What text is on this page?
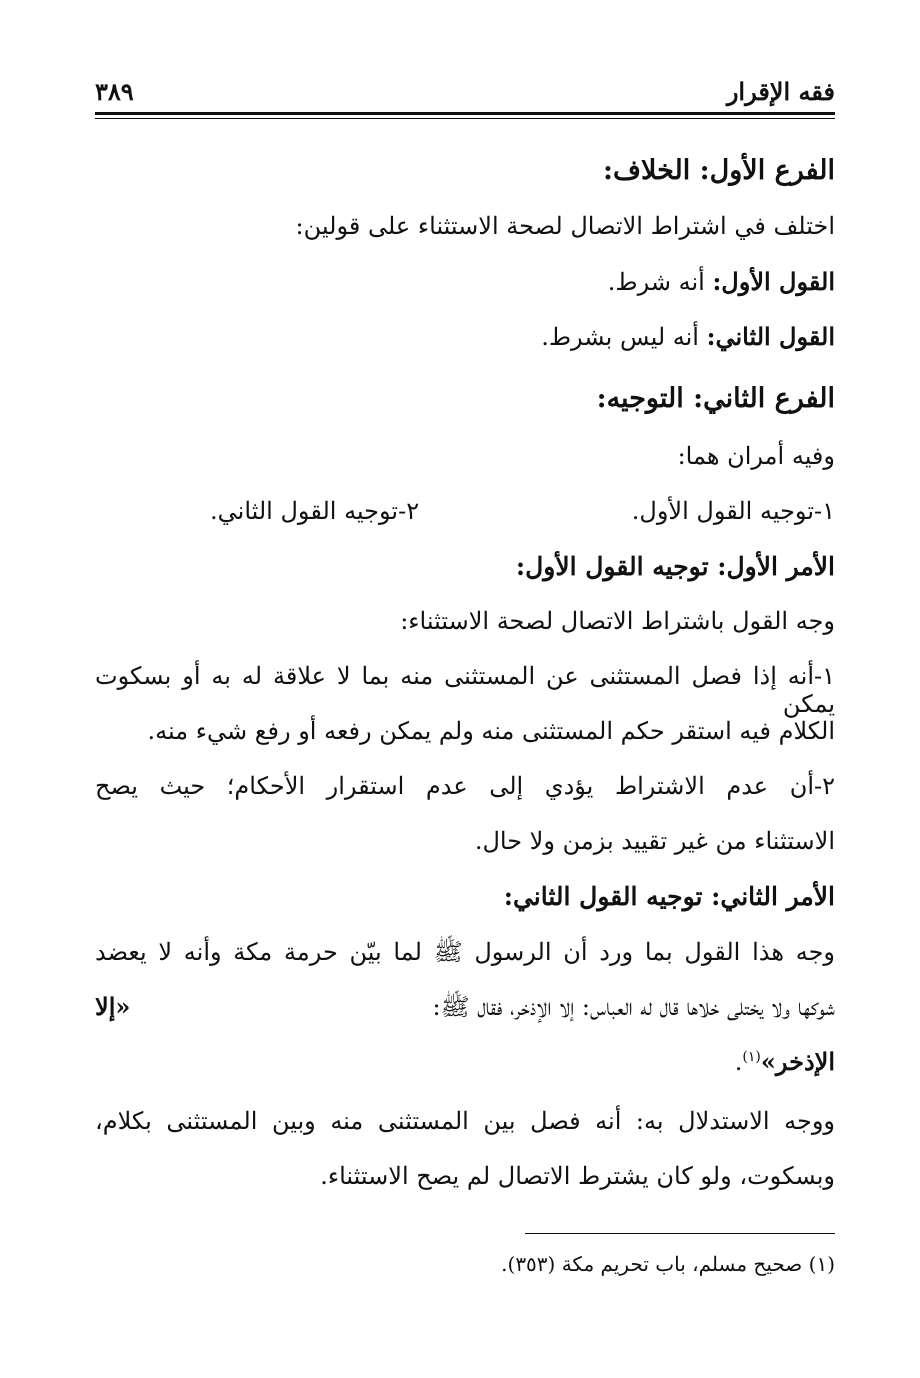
فقه الإقرار
٣٨٩
الفرع الأول: الخلاف:
اختلف في اشتراط الاتصال لصحة الاستثناء على قولين:
القول الأول: أنه شرط.
القول الثاني: أنه ليس بشرط.
الفرع الثاني: التوجيه:
وفيه أمران هما:
١-توجيه القول الأول.
٢-توجيه القول الثاني.
الأمر الأول: توجيه القول الأول:
وجه القول باشتراط الاتصال لصحة الاستثناء:
١-أنه إذا فصل المستثنى عن المستثنى منه بما لا علاقة له به أو بسكوت يمكن
الكلام فيه استقر حكم المستثنى منه ولم يمكن رفعه أو رفع شيء منه.
٢-أن عدم الاشتراط يؤدي إلى عدم استقرار الأحكام؛ حيث يصح
الاستثناء من غير تقييد بزمن ولا حال.
الأمر الثاني: توجيه القول الثاني:
وجه هذا القول بما ورد أن الرسول ﷺ لما بيّن حرمة مكة وأنه لا يعضد
شوكها ولا يختلى خلاها قال له العباس: إلا الإذخر، فقال ﷺ:
«إلا
الإذخر»$^{(١)}$.
ووجه الاستدلال به: أنه فصل بين المستثنى منه وبين المستثنى بكلام،
وبسكوت، ولو كان يشترط الاتصال لم يصح الاستثناء.
(١) صحيح مسلم، باب تحريم مكة (٣٥٣).
